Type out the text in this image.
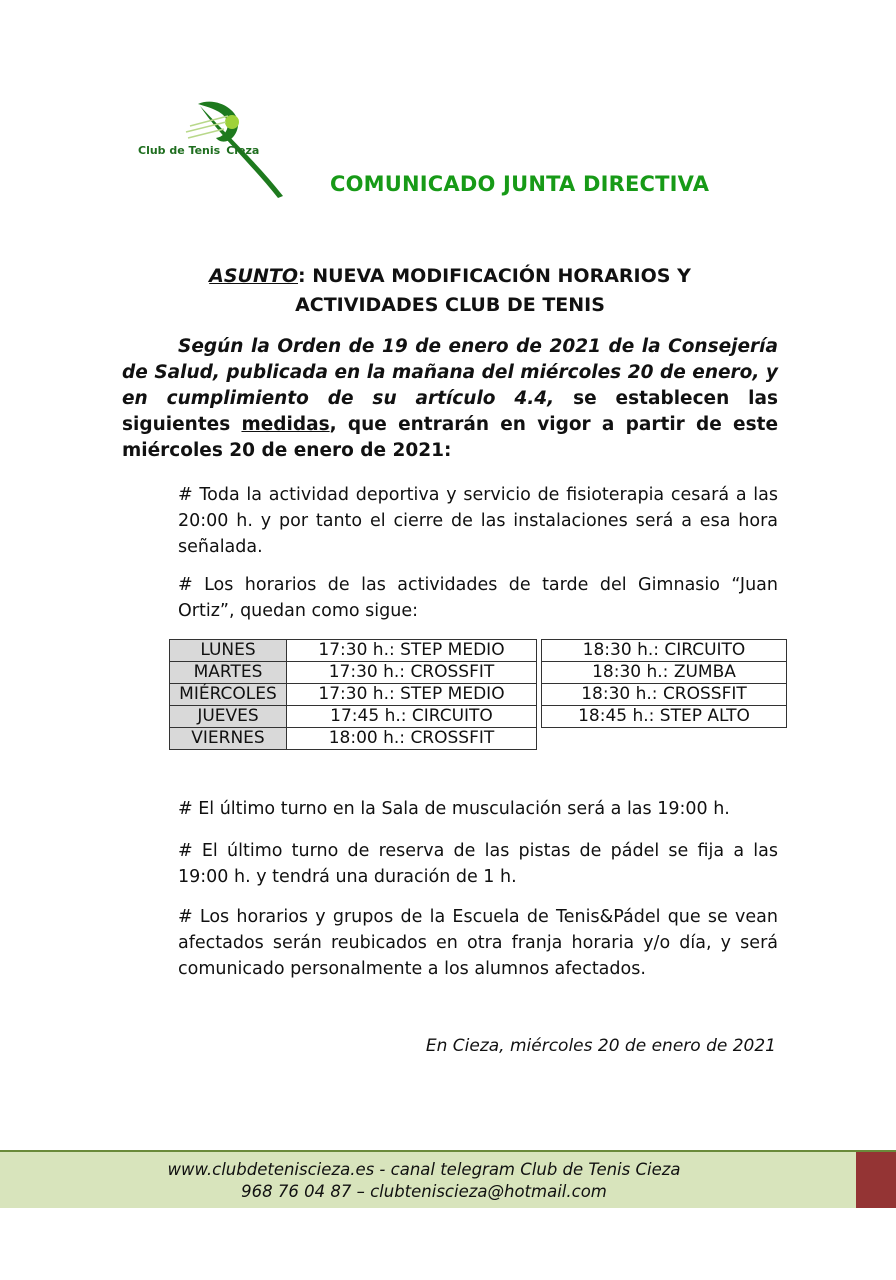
Club de Tenis Cieza
COMUNICADO JUNTA DIRECTIVA
ASUNTO: NUEVA MODIFICACIÓN HORARIOS Y
ACTIVIDADES CLUB DE TENIS
Según la Orden de 19 de enero de 2021 de la Consejería de Salud, publicada en la mañana del miércoles 20 de enero, y en cumplimiento de su artículo 4.4, se establecen las siguientes medidas, que entrarán en vigor a partir de este miércoles 20 de enero de 2021:
# Toda la actividad deportiva y servicio de fisioterapia cesará a las 20:00 h. y por tanto el cierre de las instalaciones será a esa hora señalada.
# Los horarios de las actividades de tarde del Gimnasio “Juan Ortiz”, quedan como sigue:
LUNES	17:30 h.: STEP MEDIO		18:30 h.: CIRCUITO
MARTES	17:30 h.: CROSSFIT		18:30 h.: ZUMBA
MIÉRCOLES	17:30 h.: STEP MEDIO		18:30 h.: CROSSFIT
JUEVES	17:45 h.: CIRCUITO		18:45 h.: STEP ALTO
VIERNES	18:00 h.: CROSSFIT		
# El último turno en la Sala de musculación será a las 19:00 h.
# El último turno de reserva de las pistas de pádel se fija a las 19:00 h. y tendrá una duración de 1 h.
# Los horarios y grupos de la Escuela de Tenis&Pádel que se vean afectados serán reubicados en otra franja horaria y/o día, y será comunicado personalmente a los alumnos afectados.
En Cieza, miércoles 20 de enero de 2021
www.clubdetenisciez​a.es - canal telegram Club de Tenis Cieza
968 76 04 87 – clubtenisciez​a@hotmail.com
